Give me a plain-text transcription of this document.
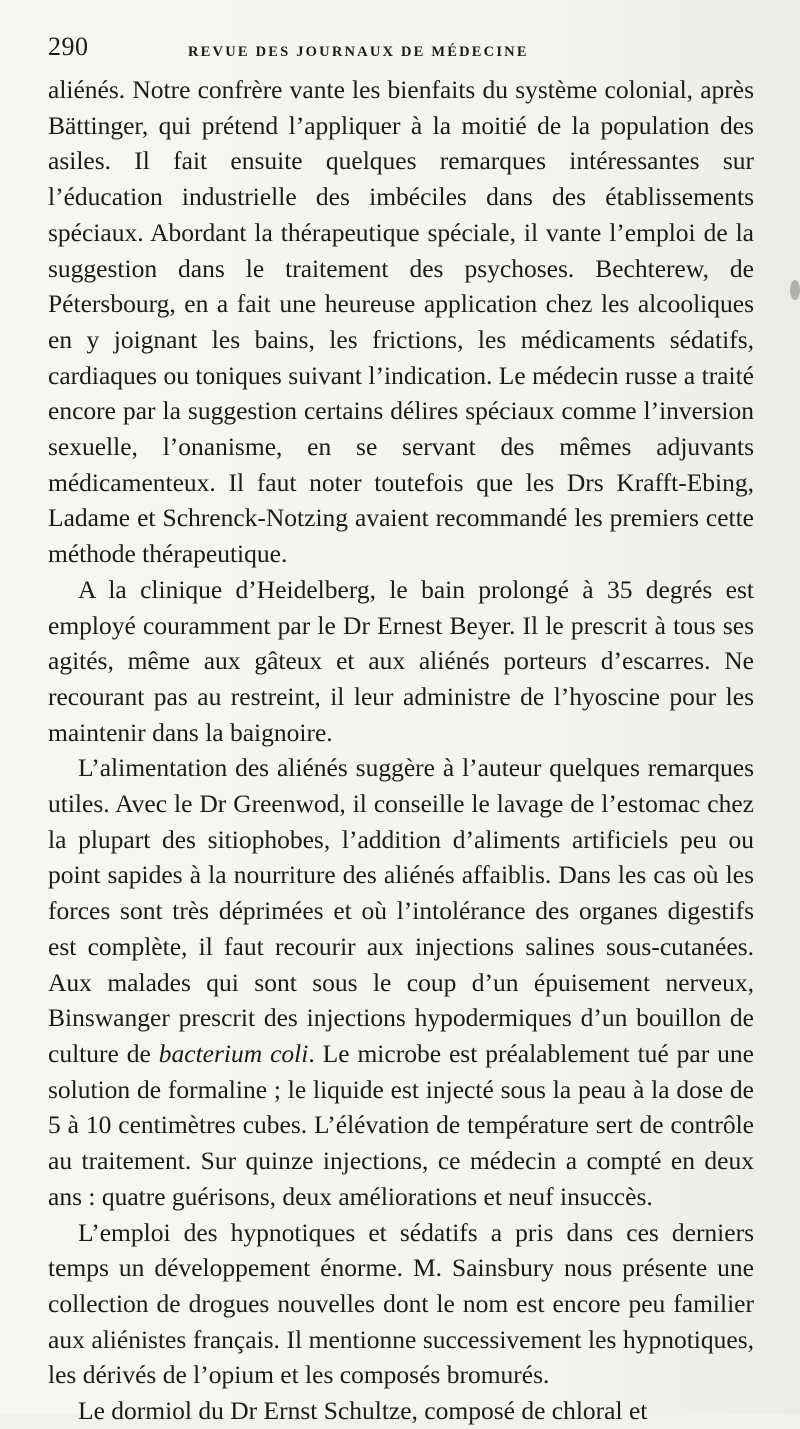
290	REVUE DES JOURNAUX DE MÉDECINE

aliénés. Notre confrère vante les bienfaits du système colonial, après Bättinger, qui prétend l’appliquer à la moitié de la population des asiles. Il fait ensuite quelques remarques intéressantes sur l’éducation industrielle des imbéciles dans des établissements spéciaux. Abordant la thérapeutique spéciale, il vante l’emploi de la suggestion dans le traitement des psychoses. Bechterew, de Pétersbourg, en a fait une heureuse application chez les alcooliques en y joignant les bains, les frictions, les médicaments sédatifs, cardiaques ou toniques suivant l’indication. Le médecin russe a traité encore par la suggestion certains délires spéciaux comme l’inversion sexuelle, l’onanisme, en se servant des mêmes adjuvants médicamenteux. Il faut noter toutefois que les Drs Krafft-Ebing, Ladame et Schrenck-Notzing avaient recommandé les premiers cette méthode thérapeutique.

A la clinique d’Heidelberg, le bain prolongé à 35 degrés est employé couramment par le Dr Ernest Beyer. Il le prescrit à tous ses agités, même aux gâteux et aux aliénés porteurs d’escarres. Ne recourant pas au restreint, il leur administre de l’hyoscine pour les maintenir dans la baignoire.

L’alimentation des aliénés suggère à l’auteur quelques remarques utiles. Avec le Dr Greenwod, il conseille le lavage de l’estomac chez la plupart des sitiophobes, l’addition d’aliments artificiels peu ou point sapides à la nourriture des aliénés affaiblis. Dans les cas où les forces sont très déprimées et où l’intolérance des organes digestifs est complète, il faut recourir aux injections salines sous-cutanées. Aux malades qui sont sous le coup d’un épuisement nerveux, Binswanger prescrit des injections hypodermiques d’un bouillon de culture de bacterium coli. Le microbe est préalablement tué par une solution de formaline ; le liquide est injecté sous la peau à la dose de 5 à 10 centimètres cubes. L’élévation de température sert de contrôle au traitement. Sur quinze injections, ce médecin a compté en deux ans : quatre guérisons, deux améliorations et neuf insuccès.

L’emploi des hypnotiques et sédatifs a pris dans ces derniers temps un développement énorme. M. Sainsbury nous présente une collection de drogues nouvelles dont le nom est encore peu familier aux aliénistes français. Il mentionne successivement les hypnotiques, les dérivés de l’opium et les composés bromurés.

Le dormiol du Dr Ernst Schultze, composé de chloral et
